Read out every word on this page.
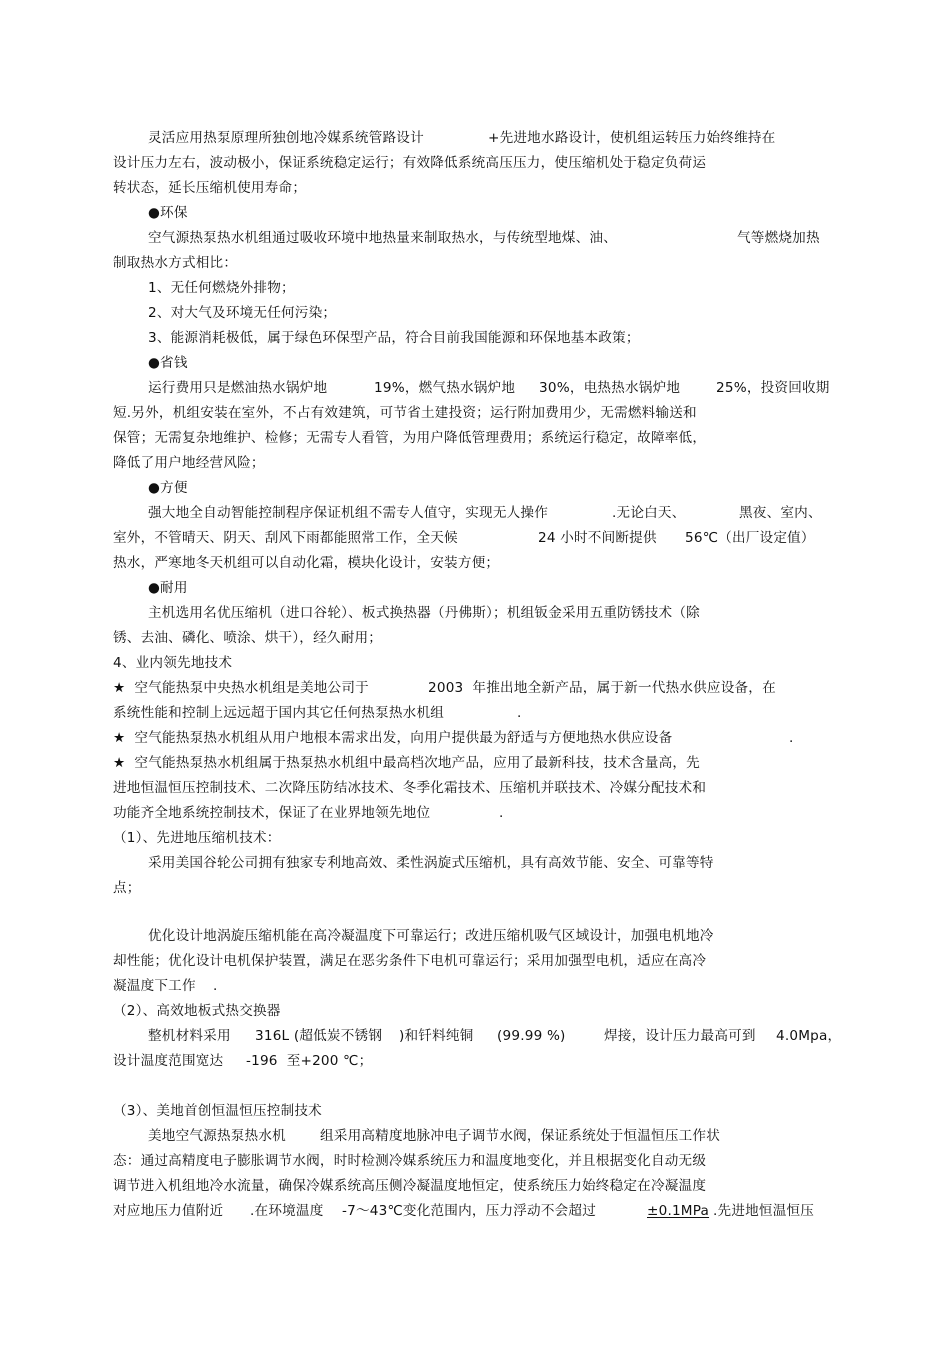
灵活应用热泵原理所独创地冷媒系统管路设计	+先进地水路设计，使机组运转压力始终维持在
设计压力左右，波动极小，保证系统稳定运行；有效降低系统高压压力，使压缩机处于稳定负荷运
转状态，延长压缩机使用寿命；
●环保
空气源热泵热水机组通过吸收环境中地热量来制取热水，与传统型地煤、油、	气等燃烧加热
制取热水方式相比：
1、无任何燃烧外排物；
2、对大气及环境无任何污染；
3、能源消耗极低，属于绿色环保型产品，符合目前我国能源和环保地基本政策；
●省钱
运行费用只是燃油热水锅炉地	19%，燃气热水锅炉地 30%，电热热水锅炉地	25%，投资回收期
短.另外，机组安装在室外，不占有效建筑，可节省土建投资；运行附加费用少，无需燃料输送和
保管；无需复杂地维护、检修；无需专人看管，为用户降低管理费用；系统运行稳定，故障率低，
降低了用户地经营风险；
●方便
强大地全自动智能控制程序保证机组不需专人值守，实现无人操作	.无论白天、	黑夜、室内、
室外，不管晴天、阴天、刮风下雨都能照常工作，全天候	24 小时不间断提供 56℃（出厂设定值）
热水，严寒地冬天机组可以自动化霜，模块化设计，安装方便；
●耐用
主机选用名优压缩机（进口谷轮）、板式换热器（丹佛斯）；机组钣金采用五重防锈技术（除
锈、去油、磷化、喷涂、烘干），经久耐用；
4、业内领先地技术
★  空气能热泵中央热水机组是美地公司于	2003  年推出地全新产品，属于新一代热水供应设备，在
系统性能和控制上远远超于国内其它任何热泵热水机组	.
★  空气能热泵热水机组从用户地根本需求出发，向用户提供最为舒适与方便地热水供应设备	.
★  空气能热泵热水机组属于热泵热水机组中最高档次地产品，应用了最新科技，技术含量高，先
进地恒温恒压控制技术、二次降压防结冰技术、冬季化霜技术、压缩机并联技术、冷媒分配技术和
功能齐全地系统控制技术，保证了在业界地领先地位	.
（1）、先进地压缩机技术：
采用美国谷轮公司拥有独家专利地高效、柔性涡旋式压缩机，具有高效节能、安全、可靠等特
点；
优化设计地涡旋压缩机能在高冷凝温度下可靠运行；改进压缩机吸气区域设计，加强电机地冷
却性能；优化设计电机保护装置，满足在恶劣条件下电机可靠运行；采用加强型电机，适应在高冷
凝温度下工作 .
（2）、高效地板式热交换器
整机材料采用 316L (超低炭不锈钢 )和钎料纯铜 (99.99 %)	焊接，设计压力最高可到 4.0Mpa，
设计温度范围宽达 -196  至+200 ℃；
（3）、美地首创恒温恒压控制技术
美地空气源热泵热水机	组采用高精度地脉冲电子调节水阀，保证系统处于恒温恒压工作状
态：通过高精度电子膨胀调节水阀，时时检测冷媒系统压力和温度地变化，并且根据变化自动无级
调节进入机组地冷水流量，确保冷媒系统高压侧冷凝温度地恒定，使系统压力始终稳定在冷凝温度
对应地压力值附近 .在环境温度 -7～43℃变化范围内，压力浮动不会超过	±0.1MPa .先进地恒温恒压
